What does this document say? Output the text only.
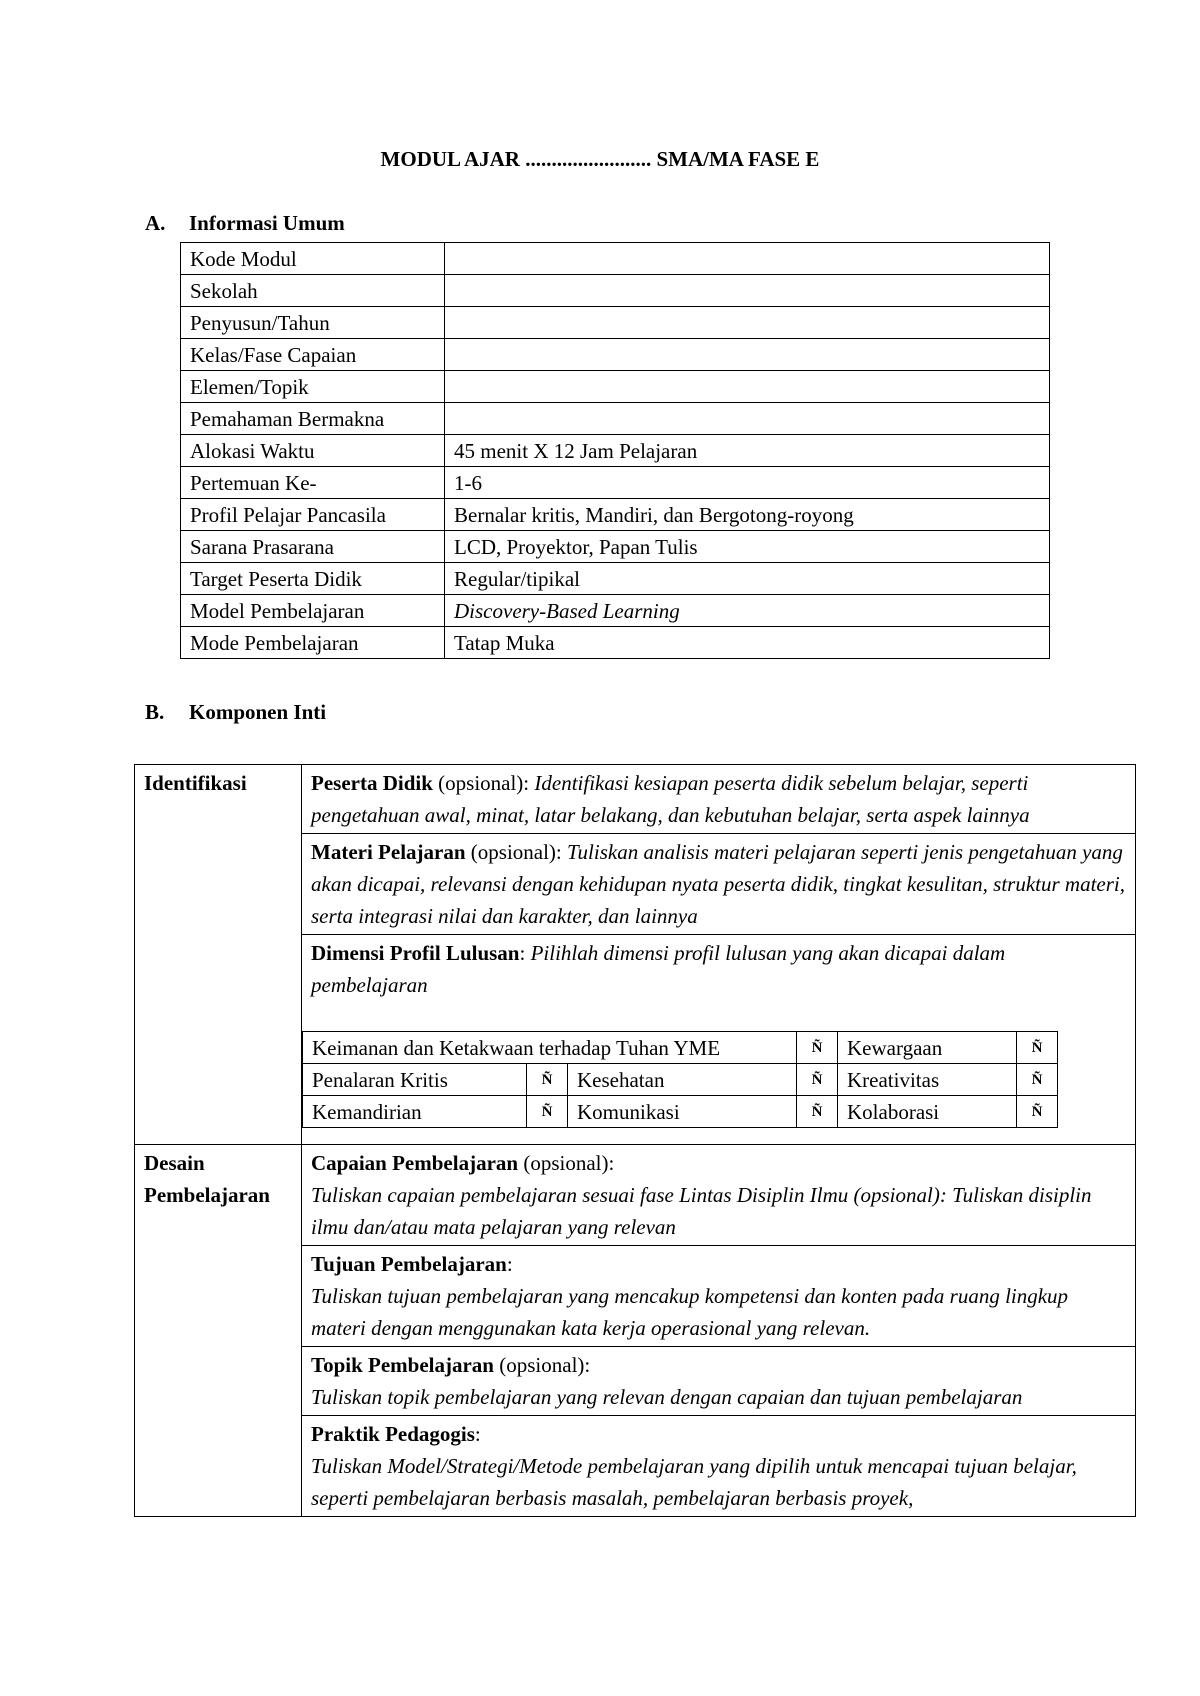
MODUL AJAR ........................ SMA/MA FASE E
A. Informasi Umum
Kode Modul	
Sekolah	
Penyusun/Tahun	
Kelas/Fase Capaian	
Elemen/Topik	
Pemahaman Bermakna	
Alokasi Waktu	45 menit X 12 Jam Pelajaran
Pertemuan Ke-	1-6
Profil Pelajar Pancasila	Bernalar kritis, Mandiri, dan Bergotong-royong
Sarana Prasarana	LCD, Proyektor, Papan Tulis
Target Peserta Didik	Regular/tipikal
Model Pembelajaran	Discovery-Based Learning
Mode Pembelajaran	Tatap Muka
B. Komponen Inti
Identifikasi	Peserta Didik (opsional): Identifikasi kesiapan peserta didik sebelum belajar, seperti pengetahuan awal, minat, latar belakang, dan kebutuhan belajar, serta aspek lainnya
Materi Pelajaran (opsional): Tuliskan analisis materi pelajaran seperti jenis pengetahuan yang akan dicapai, relevansi dengan kehidupan nyata peserta didik, tingkat kesulitan, struktur materi, serta integrasi nilai dan karakter, dan lainnya
Dimensi Profil Lulusan: Pilihlah dimensi profil lulusan yang akan dicapai dalam pembelajaran
Keimanan dan Ketakwaan terhadap Tuhan YME	Ñ	Kewargaan	Ñ
Penalaran Kritis	Ñ	Kesehatan	Ñ	Kreativitas	Ñ
Kemandirian	Ñ	Komunikasi	Ñ	Kolaborasi	Ñ

Desain Pembelajaran	Capaian Pembelajaran (opsional):
Tuliskan capaian pembelajaran sesuai fase Lintas Disiplin Ilmu (opsional): Tuliskan disiplin ilmu dan/atau mata pelajaran yang relevan
Tujuan Pembelajaran:
Tuliskan tujuan pembelajaran yang mencakup kompetensi dan konten pada ruang lingkup materi dengan menggunakan kata kerja operasional yang relevan.
Topik Pembelajaran (opsional):
Tuliskan topik pembelajaran yang relevan dengan capaian dan tujuan pembelajaran
Praktik Pedagogis:
Tuliskan Model/Strategi/Metode pembelajaran yang dipilih untuk mencapai tujuan belajar, seperti pembelajaran berbasis masalah, pembelajaran berbasis proyek,
